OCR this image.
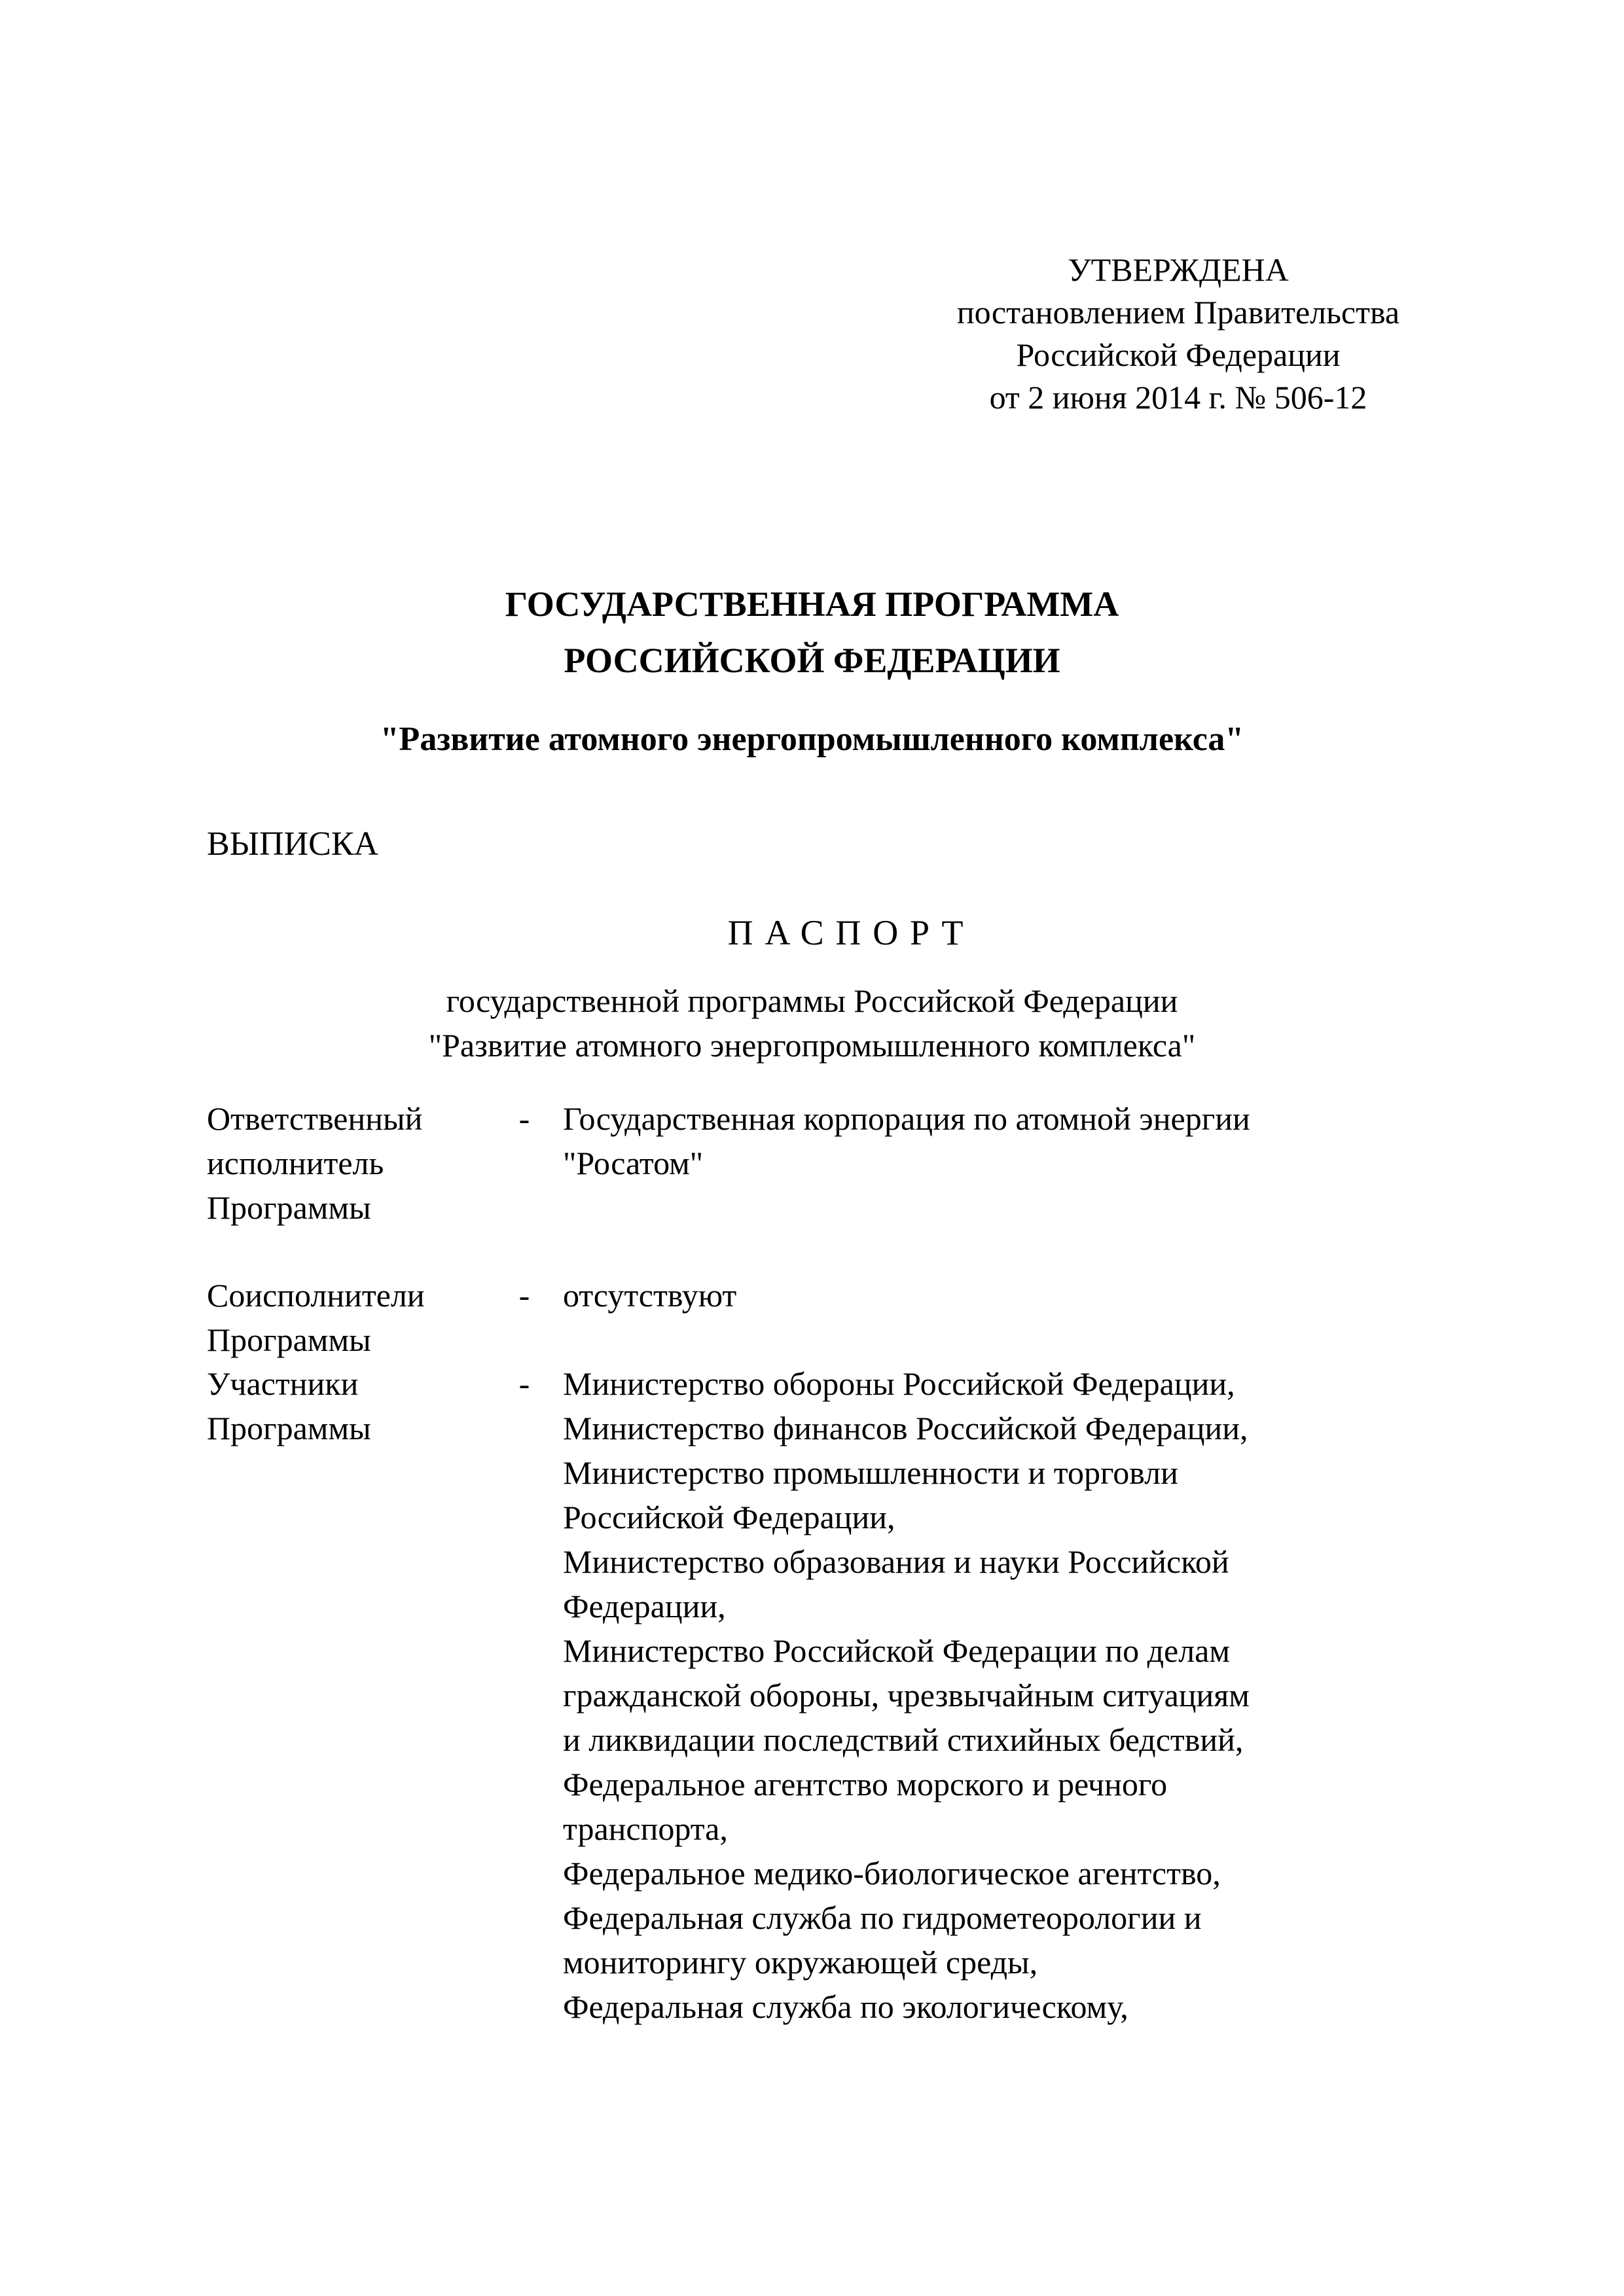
УТВЕРЖДЕНА
постановлением Правительства
Российской Федерации
от 2 июня 2014 г. № 506-12
ГОСУДАРСТВЕННАЯ ПРОГРАММА
РОССИЙСКОЙ ФЕДЕРАЦИИ
"Развитие атомного энергопромышленного комплекса"
ВЫПИСКА
ПАСПОРТ
государственной программы Российской Федерации
"Развитие атомного энергопромышленного комплекса"
Ответственный
исполнитель
Программы
- Государственная корпорация по атомной энергии
"Росатом"
Соисполнители
Программы
- отсутствуют
Участники
Программы
- Министерство обороны Российской Федерации,
Министерство финансов Российской Федерации,
Министерство промышленности и торговли
Российской Федерации,
Министерство образования и науки Российской
Федерации,
Министерство Российской Федерации по делам
гражданской обороны, чрезвычайным ситуациям
и ликвидации последствий стихийных бедствий,
Федеральное агентство морского и речного
транспорта,
Федеральное медико-биологическое агентство,
Федеральная служба по гидрометеорологии и
мониторингу окружающей среды,
Федеральная служба по экологическому,
